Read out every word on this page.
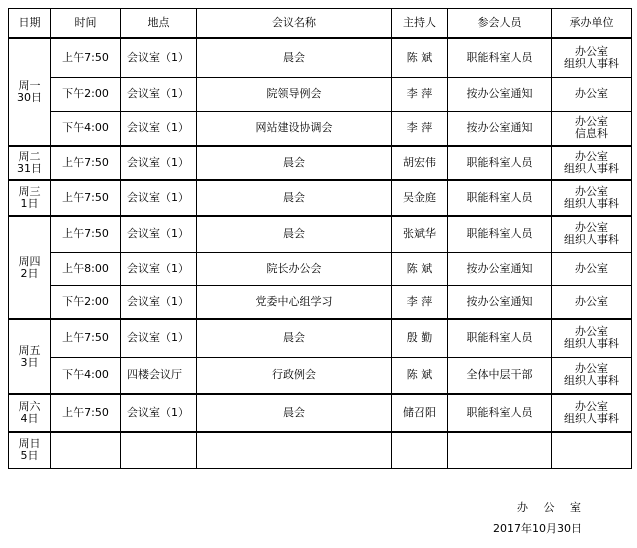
日期	时间	地点	会议名称	主持人	参会人员	承办单位

周一
30日	上午7:50	会议室（1）	晨会	陈 斌	职能科室人员	办公室
组织人事科

	下午2:00	会议室（1）	院领导例会	李 萍	按办公室通知	办公室

	下午4:00	会议室（1）	网站建设协调会	李 萍	按办公室通知	办公室
信息科

周二
31日	上午7:50	会议室（1）	晨会	胡宏伟	职能科室人员	办公室
组织人事科

周三
1日	上午7:50	会议室（1）	晨会	吴金庭	职能科室人员	办公室
组织人事科

周四
2日	上午7:50	会议室（1）	晨会	张斌华	职能科室人员	办公室
组织人事科

	上午8:00	会议室（1）	院长办公会	陈 斌	按办公室通知	办公室

	下午2:00	会议室（1）	党委中心组学习	李 萍	按办公室通知	办公室

周五
3日	上午7:50	会议室（1）	晨会	殷 勤	职能科室人员	办公室
组织人事科

	下午4:00	四楼会议厅	行政例会	陈 斌	全体中层干部	办公室
组织人事科

周六
4日	上午7:50	会议室（1）	晨会	储召阳	职能科室人员	办公室
组织人事科

周日
5日						

办 公 室
2017年10月30日
